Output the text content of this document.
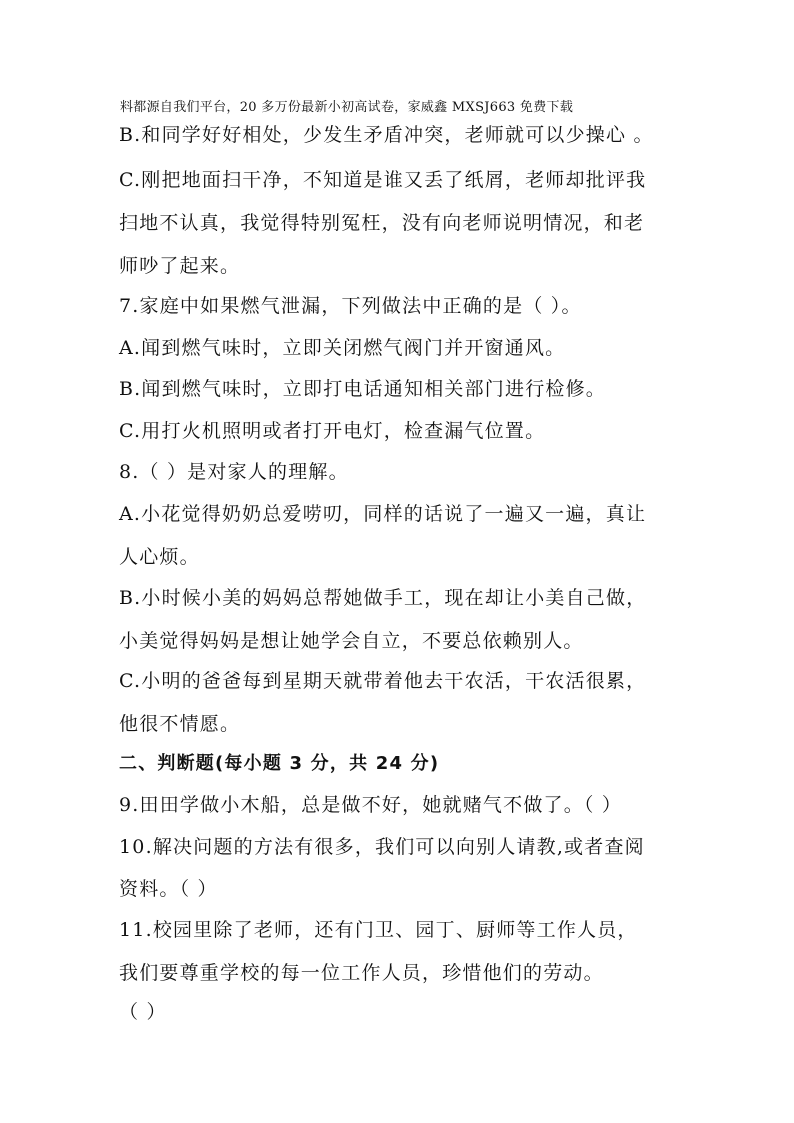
料都源自我们平台，20 多万份最新小初高试卷，家威鑫 MXSJ663 免费下载
B.和同学好好相处，少发生矛盾冲突，老师就可以少操心 。
C.刚把地面扫干净，不知道是谁又丢了纸屑，老师却批评我
扫地不认真，我觉得特别冤枉，没有向老师说明情况，和老
师吵了起来。
7.家庭中如果燃气泄漏，下列做法中正确的是（ ）。
A.闻到燃气味时，立即关闭燃气阀门并开窗通风。
B.闻到燃气味时，立即打电话通知相关部门进行检修。
C.用打火机照明或者打开电灯，检查漏气位置。
8.（ ）是对家人的理解。
A.小花觉得奶奶总爱唠叨，同样的话说了一遍又一遍，真让
人心烦。
B.小时候小美的妈妈总帮她做手工，现在却让小美自己做，
小美觉得妈妈是想让她学会自立，不要总依赖别人。
C.小明的爸爸每到星期天就带着他去干农活，干农活很累，
他很不情愿。
二、判断题(每小题 3 分，共 24 分)
9.田田学做小木船，总是做不好，她就赌气不做了。（ ）
10.解决问题的方法有很多，我们可以向别人请教,或者查阅
资料。（ ）
11.校园里除了老师，还有门卫、园丁、厨师等工作人员，
我们要尊重学校的每一位工作人员，珍惜他们的劳动。
（ ）
